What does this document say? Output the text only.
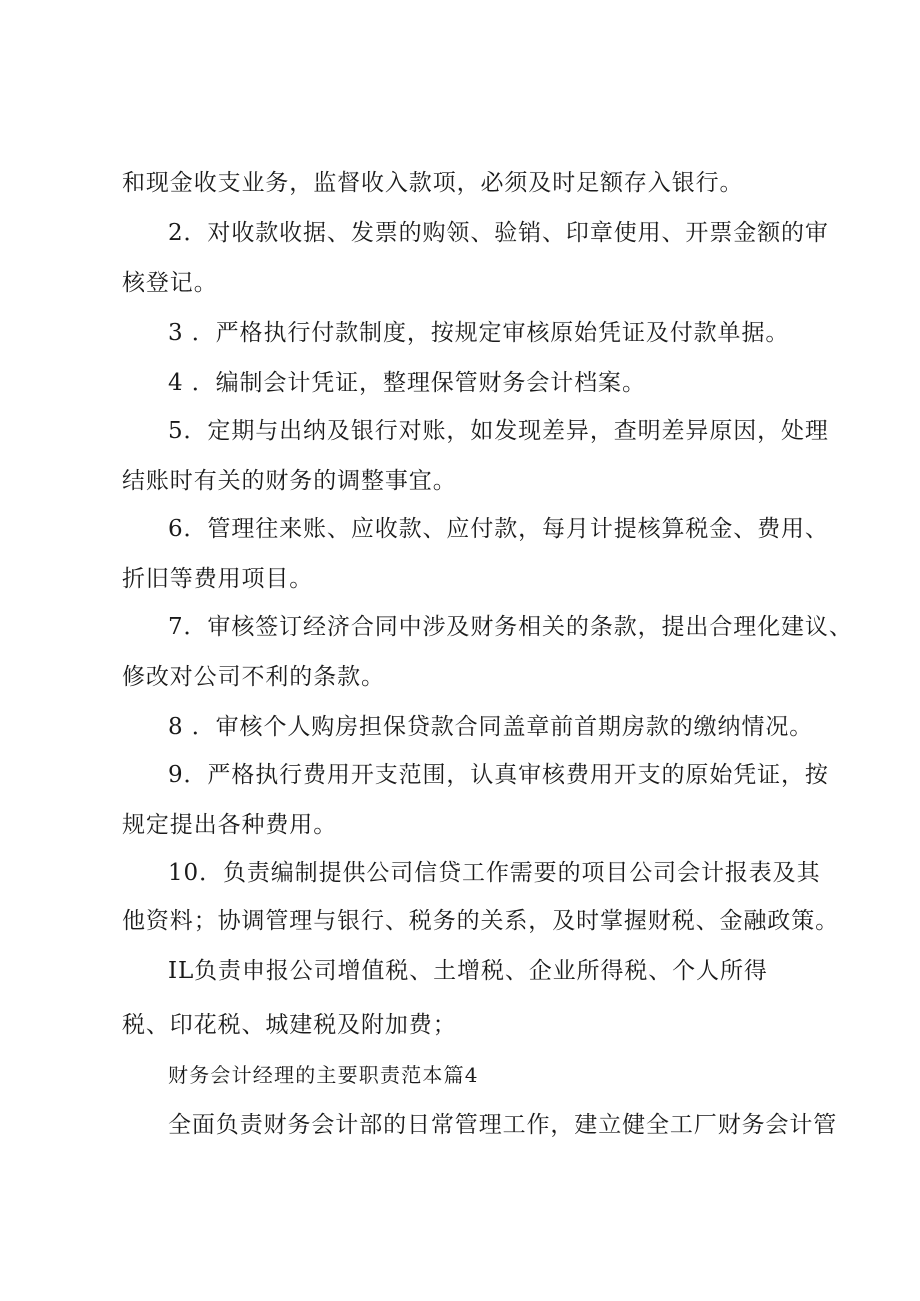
和现金收支业务，监督收入款项，必须及时足额存入银行。
2．对收款收据、发票的购领、验销、印章使用、开票金额的审
核登记。
3 ．严格执行付款制度，按规定审核原始凭证及付款单据。
4 ．编制会计凭证，整理保管财务会计档案。
5．定期与出纳及银行对账，如发现差异，查明差异原因，处理
结账时有关的财务的调整事宜。
6．管理往来账、应收款、应付款，每月计提核算税金、费用、
折旧等费用项目。
7．审核签订经济合同中涉及财务相关的条款，提出合理化建议、
修改对公司不利的条款。
8 ．审核个人购房担保贷款合同盖章前首期房款的缴纳情况。
9．严格执行费用开支范围，认真审核费用开支的原始凭证，按
规定提出各种费用。
10．负责编制提供公司信贷工作需要的项目公司会计报表及其
他资料；协调管理与银行、税务的关系，及时掌握财税、金融政策。
IL负责申报公司增值税、土增税、企业所得税、个人所得
税、印花税、城建税及附加费；
财务会计经理的主要职责范本篇4
全面负责财务会计部的日常管理工作，建立健全工厂财务会计管
